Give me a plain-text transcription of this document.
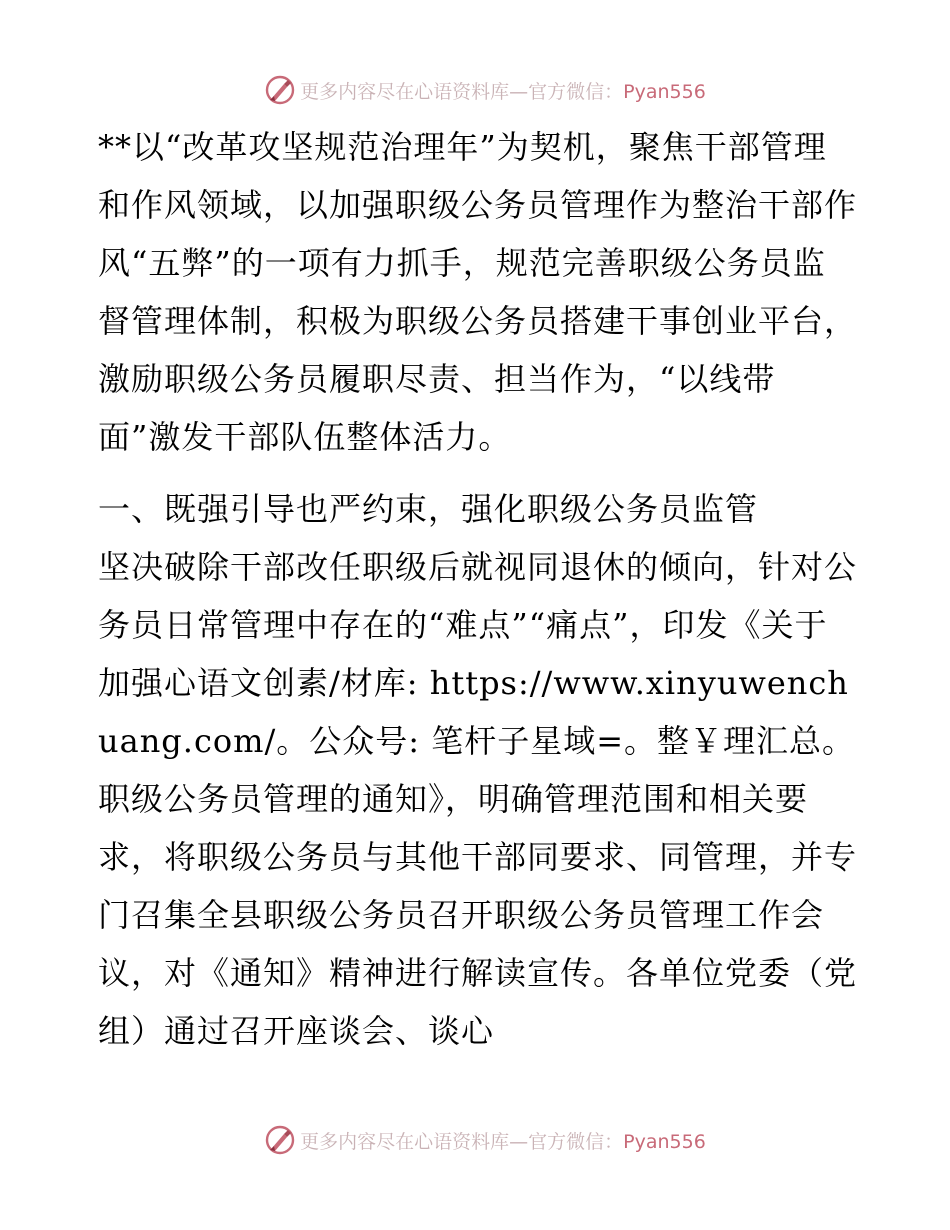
更多内容尽在心语资料库—官方微信：Pyan556

**以“改革攻坚规范治理年”为契机，聚焦干部管理和作风领域，以加强职级公务员管理作为整治干部作风“五弊”的一项有力抓手，规范完善职级公务员监督管理体制，积极为职级公务员搭建干事创业平台，激励职级公务员履职尽责、担当作为，“以线带面”激发干部队伍整体活力。

一、既强引导也严约束，强化职级公务员监管

坚决破除干部改任职级后就视同退休的倾向，针对公务员日常管理中存在的“难点”“痛点”，印发《关于加强心语文创素/材库: https://www.xinyuwenchuang.com/。公众号: 笔杆子星域=。整￥理汇总。职级公务员管理的通知》，明确管理范围和相关要求，将职级公务员与其他干部同要求、同管理，并专门召集全县职级公务员召开职级公务员管理工作会议，对《通知》精神进行解读宣传。各单位党委（党组）通过召开座谈会、谈心

更多内容尽在心语资料库—官方微信：Pyan556
